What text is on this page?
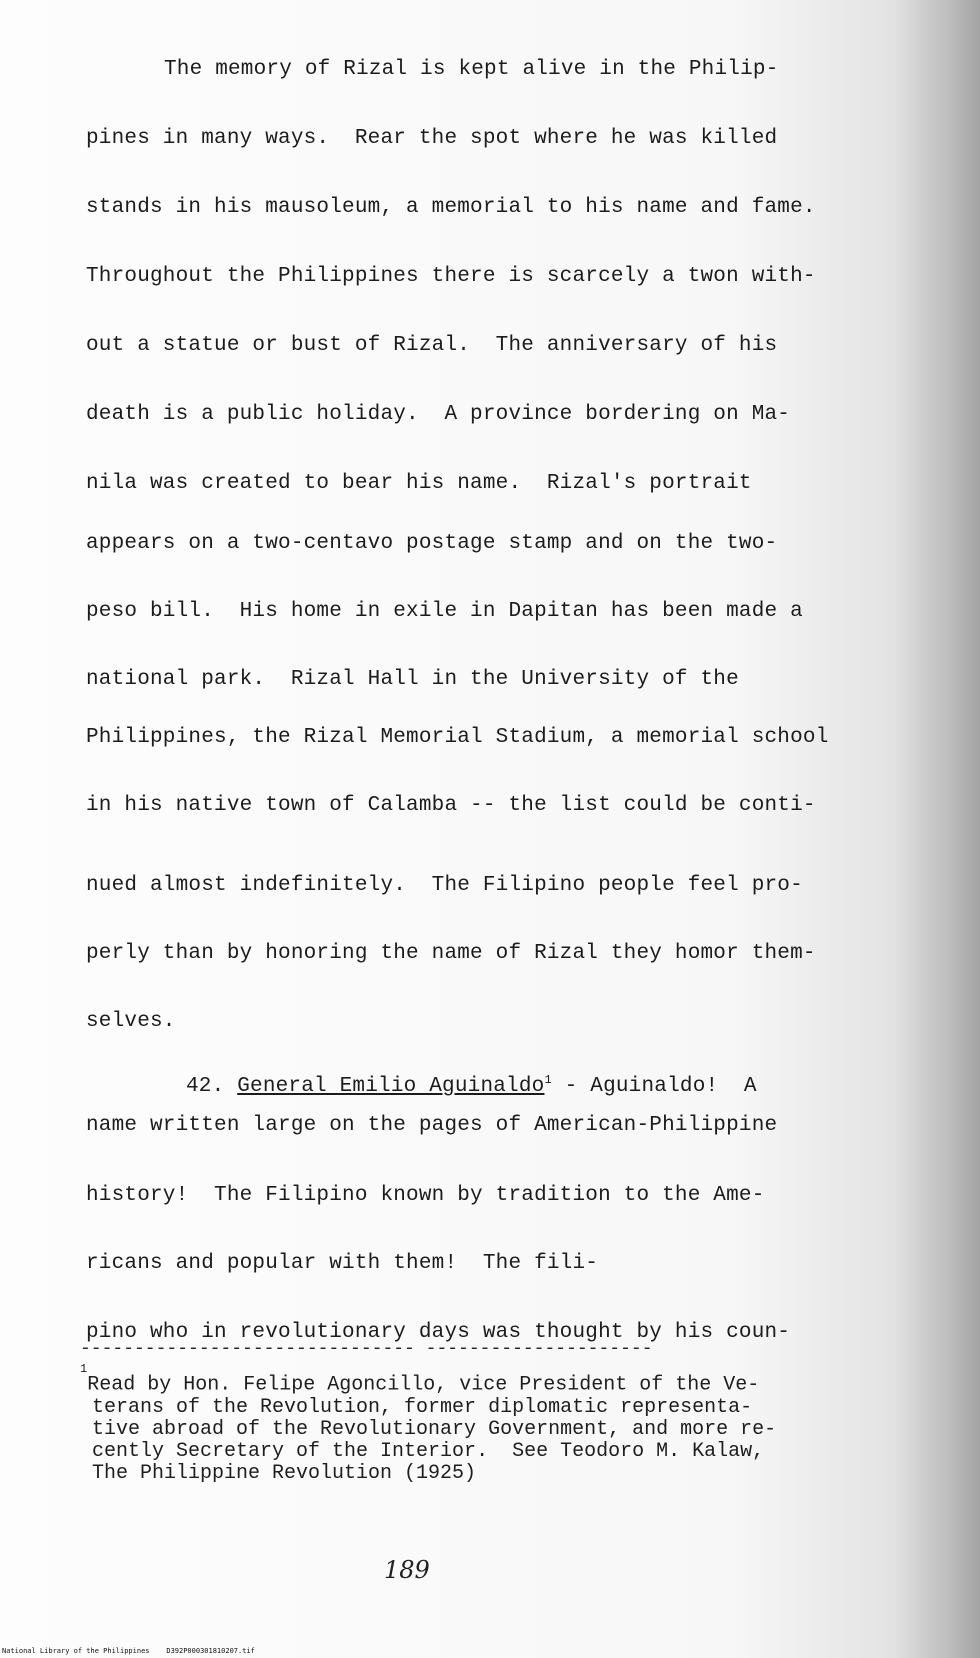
The memory of Rizal is kept alive in the Philip-

pines in many ways.  Rear the spot where he was killed

stands in his mausoleum, a memorial to his name and fame.

Throughout the Philippines there is scarcely a twon with-

out a statue or bust of Rizal.  The anniversary of his

death is a public holiday.  A province bordering on Ma-

nila was created to bear his name.  Rizal's portrait

appears on a two-centavo postage stamp and on the two-

peso bill.  His home in exile in Dapitan has been made a

national park.  Rizal Hall in the University of the

Philippines, the Rizal Memorial Stadium, a memorial school

in his native town of Calamba -- the list could be conti-

nued almost indefinitely.  The Filipino people feel pro-

perly than by honoring the name of Rizal they homor them-

selves.

42. General Emilio Aguinaldo$^1$ - Aguinaldo!  A

name written large on the pages of American-Philippine

history!  The Filipino known by tradition to the Ame-

ricans and popular with them!  The fili-

pino who in revolutionary days was thought by his coun-

------------------------------- ---------------------

$^1$Read by Hon. Felipe Agoncillo, vice President of the Ve-
terans of the Revolution, former diplomatic representa-
tive abroad of the Revolutionary Government, and more re-
cently Secretary of the Interior.  See Teodoro M. Kalaw,
The Philippine Revolution (1925)

189

National Library of the Philippines    D392P000301810207.tif
